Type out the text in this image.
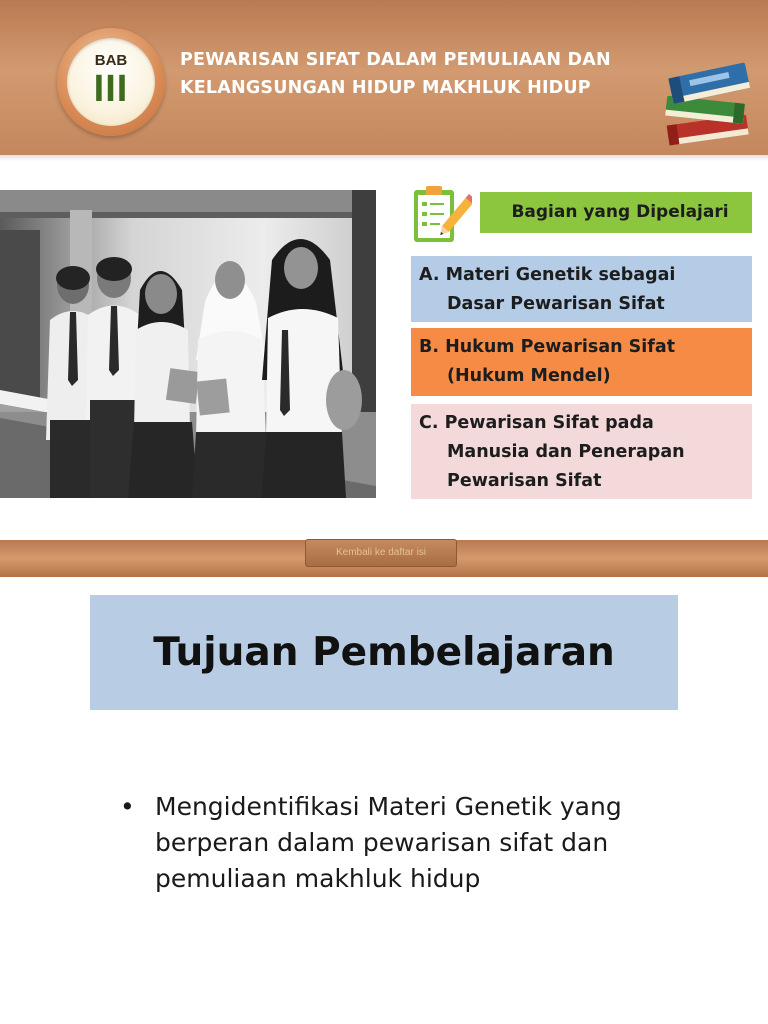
BAB
III
PEWARISAN SIFAT DALAM PEMULIAAN DAN
KELANGSUNGAN HIDUP MAKHLUK HIDUP
Bagian yang Dipelajari
A. Materi Genetik sebagai
Dasar Pewarisan Sifat
B. Hukum Pewarisan Sifat
(Hukum Mendel)
C. Pewarisan Sifat pada
Manusia dan Penerapan
Pewarisan Sifat
Kembali ke daftar isi
Tujuan Pembelajaran
• Mengidentifikasi Materi Genetik yang
berperan dalam pewarisan sifat dan
pemuliaan makhluk hidup
